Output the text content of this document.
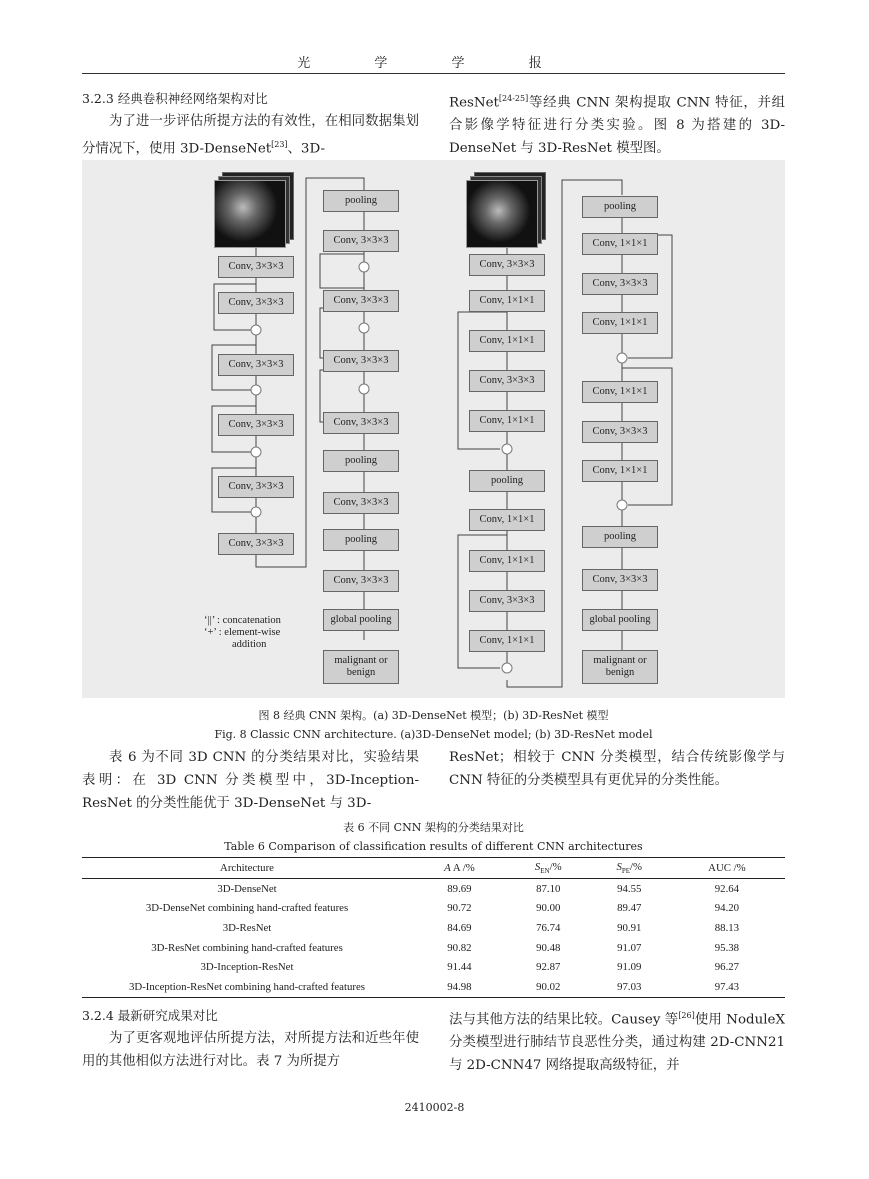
光 学 学 报
3.2.3 经典卷积神经网络架构对比

为了进一步评估所提方法的有效性，在相同数据集划分情况下，使用 3D-DenseNet[23]、3D-

ResNet[24-25]等经典 CNN 架构提取 CNN 特征，并组合影像学特征进行分类实验。图 8 为搭建的 3D-DenseNet 与 3D-ResNet 模型图。

Conv, 3×3×3
Conv, 3×3×3
Conv, 3×3×3
Conv, 3×3×3
Conv, 3×3×3
Conv, 3×3×3
pooling
Conv, 3×3×3
Conv, 3×3×3
Conv, 3×3×3
Conv, 3×3×3
pooling
Conv, 3×3×3
pooling
Conv, 3×3×3
global pooling
malignant or benign
‘||’ : concatenation
‘+’ : element-wise
addition
Conv, 3×3×3
Conv, 1×1×1
Conv, 1×1×1
Conv, 3×3×3
Conv, 1×1×1
pooling
Conv, 1×1×1
Conv, 1×1×1
Conv, 3×3×3
Conv, 1×1×1
pooling
Conv, 1×1×1
Conv, 3×3×3
Conv, 1×1×1
Conv, 1×1×1
Conv, 3×3×3
Conv, 1×1×1
pooling
Conv, 3×3×3
global pooling
malignant or benign
图 8 经典 CNN 架构。(a) 3D-DenseNet 模型；(b) 3D-ResNet 模型
Fig. 8 Classic CNN architecture. (a)3D-DenseNet model; (b) 3D-ResNet model

表 6 为不同 3D CNN 的分类结果对比，实验结果表明：在 3D CNN 分类模型中，3D-Inception-ResNet 的分类性能优于 3D-DenseNet 与 3D-

ResNet；相较于 CNN 分类模型，结合传统影像学与 CNN 特征的分类模型具有更优异的分类性能。

表 6 不同 CNN 架构的分类结果对比
Table 6 Comparison of classification results of different CNN architectures
Architecture	A A /%	$S_{EN}/\%$	$S_{PE}/\%$	AUC /%
3D-DenseNet	89.69	87.10	94.55	92.64
3D-DenseNet combining hand-crafted features	90.72	90.00	89.47	94.20
3D-ResNet	84.69	76.74	90.91	88.13
3D-ResNet combining hand-crafted features	90.82	90.48	91.07	95.38
3D-Inception-ResNet	91.44	92.87	91.09	96.27
3D-Inception-ResNet combining hand-crafted features	94.98	90.02	97.03	97.43
3.2.4 最新研究成果对比

为了更客观地评估所提方法，对所提方法和近些年使用的其他相似方法进行对比。表 7 为所提方

法与其他方法的结果比较。Causey 等[26]使用 NoduleX 分类模型进行肺结节良恶性分类，通过构建 2D-CNN21 与 2D-CNN47 网络提取高级特征，并

2410002-8
